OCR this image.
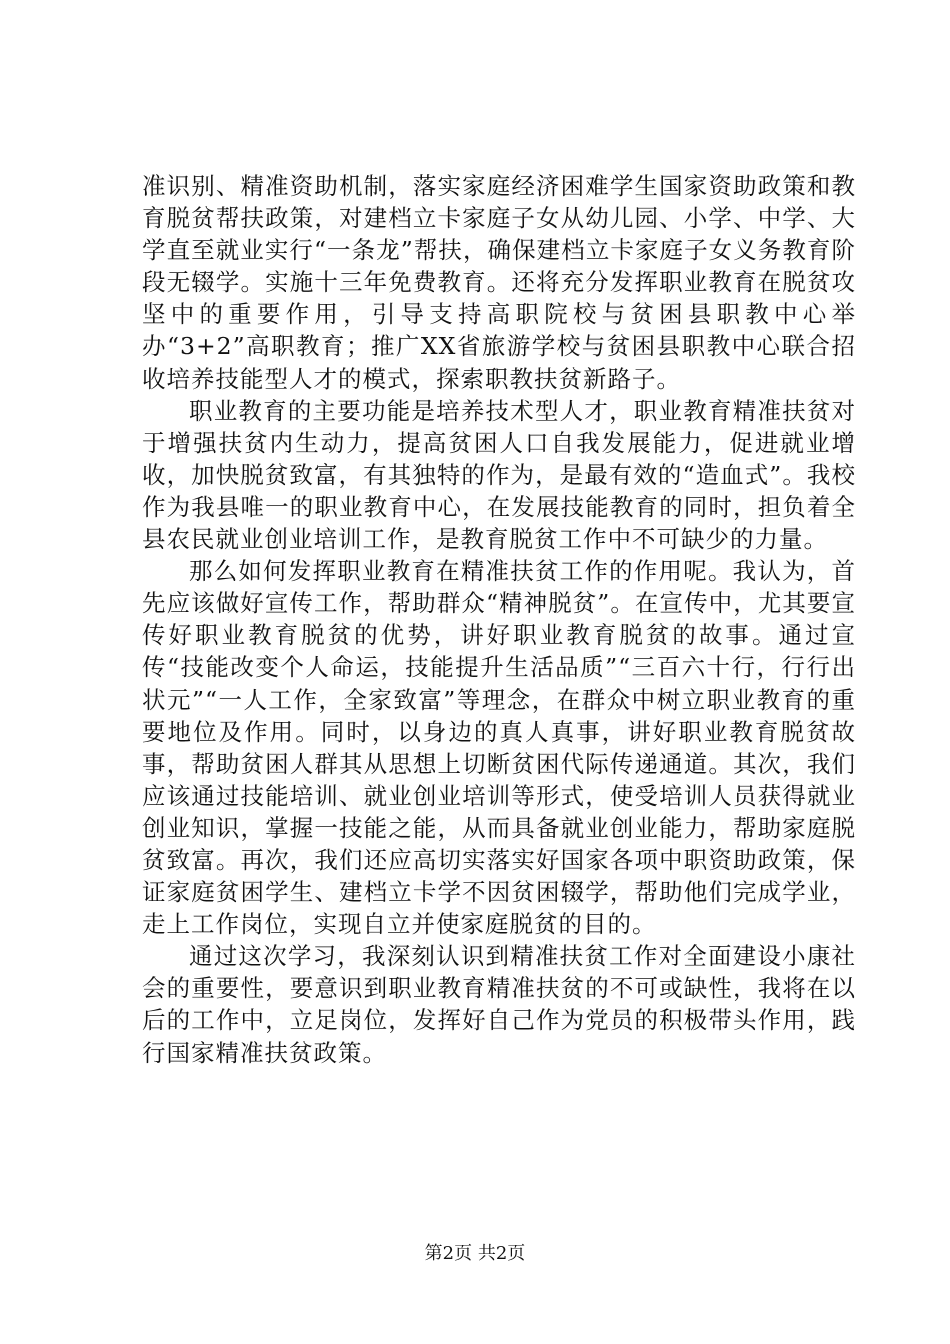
准识别、精准资助机制，落实家庭经济困难学生国家资助政策和教育脱贫帮扶政策，对建档立卡家庭子女从幼儿园、小学、中学、大学直至就业实行“一条龙”帮扶，确保建档立卡家庭子女义务教育阶段无辍学。实施十三年免费教育。还将充分发挥职业教育在脱贫攻坚中的重要作用，引导支持高职院校与贫困县职教中心举办“3+2”高职教育；推广XX省旅游学校与贫困县职教中心联合招收培养技能型人才的模式，探索职教扶贫新路子。

职业教育的主要功能是培养技术型人才，职业教育精准扶贫对于增强扶贫内生动力，提高贫困人口自我发展能力，促进就业增收，加快脱贫致富，有其独特的作为，是最有效的“造血式”。我校作为我县唯一的职业教育中心，在发展技能教育的同时，担负着全县农民就业创业培训工作，是教育脱贫工作中不可缺少的力量。

那么如何发挥职业教育在精准扶贫工作的作用呢。我认为，首先应该做好宣传工作，帮助群众“精神脱贫”。在宣传中，尤其要宣传好职业教育脱贫的优势，讲好职业教育脱贫的故事。通过宣传“技能改变个人命运，技能提升生活品质”“三百六十行，行行出状元”“一人工作，全家致富”等理念，在群众中树立职业教育的重要地位及作用。同时，以身边的真人真事，讲好职业教育脱贫故事，帮助贫困人群其从思想上切断贫困代际传递通道。其次，我们应该通过技能培训、就业创业培训等形式，使受培训人员获得就业创业知识，掌握一技能之能，从而具备就业创业能力，帮助家庭脱贫致富。再次，我们还应高切实落实好国家各项中职资助政策，保证家庭贫困学生、建档立卡学不因贫困辍学，帮助他们完成学业，走上工作岗位，实现自立并使家庭脱贫的目的。

通过这次学习，我深刻认识到精准扶贫工作对全面建设小康社会的重要性，要意识到职业教育精准扶贫的不可或缺性，我将在以后的工作中，立足岗位，发挥好自己作为党员的积极带头作用，践行国家精准扶贫政策。

第2页 共2页
